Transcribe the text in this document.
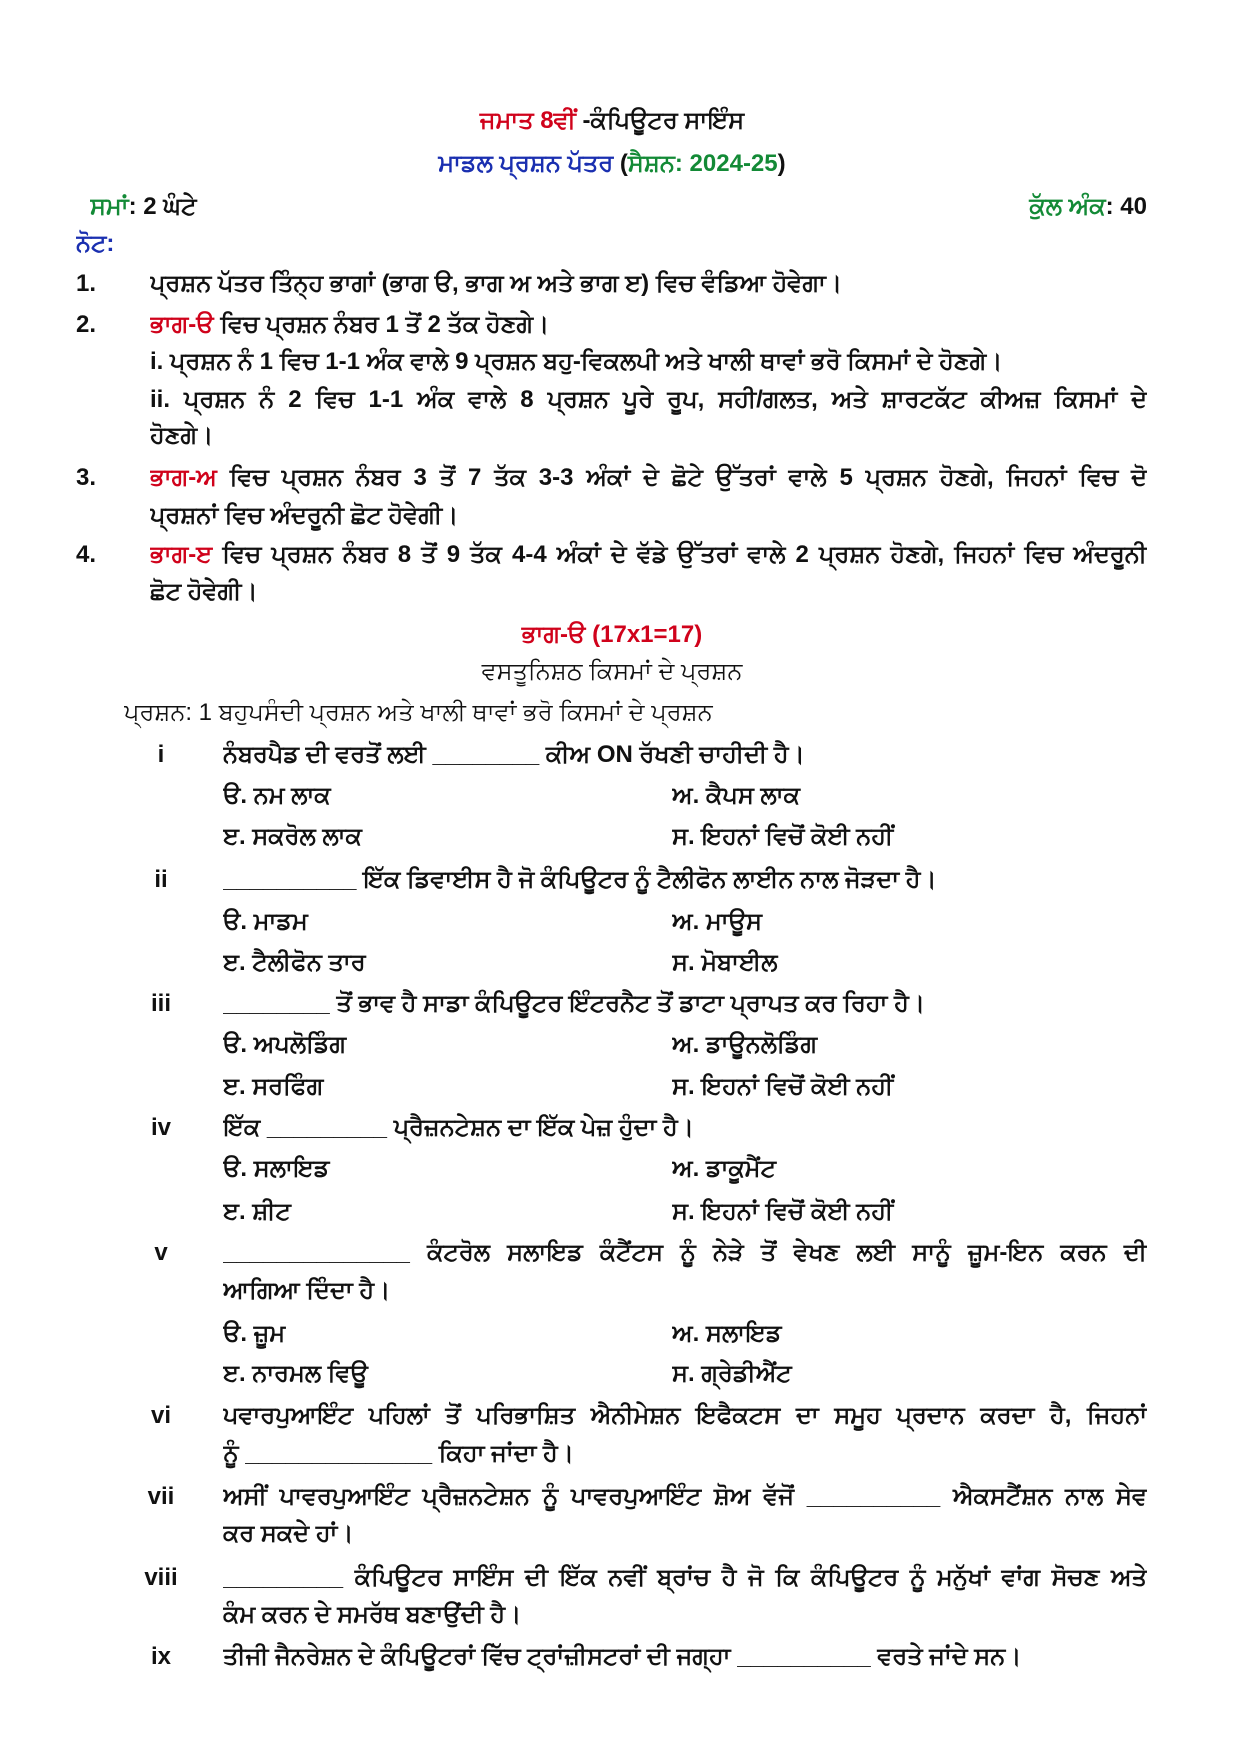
ਜਮਾਤ 8ਵੀਂ -ਕੰਪਿਊਟਰ ਸਾਇੰਸ
ਮਾਡਲ ਪ੍ਰਸ਼ਨ ਪੱਤਰ (ਸੈਸ਼ਨ: 2024-25)
ਸਮਾਂ: 2 ਘੰਟੇ	ਕੁੱਲ ਅੰਕ: 40
ਨੋਟ:
1.	ਪ੍ਰਸ਼ਨ ਪੱਤਰ ਤਿੰਨ੍ਹ ਭਾਗਾਂ (ਭਾਗ ੳ, ਭਾਗ ਅ ਅਤੇ ਭਾਗ ੲ) ਵਿਚ ਵੰਡਿਆ ਹੋਵੇਗਾ।
2.	ਭਾਗ-ੳ ਵਿਚ ਪ੍ਰਸ਼ਨ ਨੰਬਰ 1 ਤੋਂ 2 ਤੱਕ ਹੋਣਗੇ।
i. ਪ੍ਰਸ਼ਨ ਨੰ 1 ਵਿਚ 1-1 ਅੰਕ ਵਾਲੇ 9 ਪ੍ਰਸ਼ਨ ਬਹੁ-ਵਿਕਲਪੀ ਅਤੇ ਖਾਲੀ ਥਾਵਾਂ ਭਰੋ ਕਿਸਮਾਂ ਦੇ ਹੋਣਗੇ।
ii. ਪ੍ਰਸ਼ਨ ਨੰ 2 ਵਿਚ 1-1 ਅੰਕ ਵਾਲੇ 8 ਪ੍ਰਸ਼ਨ ਪੂਰੇ ਰੂਪ, ਸਹੀ/ਗਲਤ, ਅਤੇ ਸ਼ਾਰਟਕੱਟ ਕੀਅਜ਼ ਕਿਸਮਾਂ ਦੇ
ਹੋਣਗੇ।
3.	ਭਾਗ-ਅ ਵਿਚ ਪ੍ਰਸ਼ਨ ਨੰਬਰ 3 ਤੋਂ 7 ਤੱਕ 3-3 ਅੰਕਾਂ ਦੇ ਛੋਟੇ ਉੱਤਰਾਂ ਵਾਲੇ 5 ਪ੍ਰਸ਼ਨ ਹੋਣਗੇ, ਜਿਹਨਾਂ ਵਿਚ ਦੋ
ਪ੍ਰਸ਼ਨਾਂ ਵਿਚ ਅੰਦਰੂਨੀ ਛੋਟ ਹੋਵੇਗੀ।
4.	ਭਾਗ-ੲ ਵਿਚ ਪ੍ਰਸ਼ਨ ਨੰਬਰ 8 ਤੋਂ 9 ਤੱਕ 4-4 ਅੰਕਾਂ ਦੇ ਵੱਡੇ ਉੱਤਰਾਂ ਵਾਲੇ 2 ਪ੍ਰਸ਼ਨ ਹੋਣਗੇ, ਜਿਹਨਾਂ ਵਿਚ ਅੰਦਰੂਨੀ
ਛੋਟ ਹੋਵੇਗੀ।
ਭਾਗ-ੳ (17x1=17)
ਵਸਤੂਨਿਸ਼ਠ ਕਿਸਮਾਂ ਦੇ ਪ੍ਰਸ਼ਨ
ਪ੍ਰਸ਼ਨ: 1 ਬਹੁਪਸੰਦੀ ਪ੍ਰਸ਼ਨ ਅਤੇ ਖਾਲੀ ਥਾਵਾਂ ਭਰੋ ਕਿਸਮਾਂ ਦੇ ਪ੍ਰਸ਼ਨ
i	ਨੰਬਰਪੈਡ ਦੀ ਵਰਤੋਂ ਲਈ ________ ਕੀਅ ON ਰੱਖਣੀ ਚਾਹੀਦੀ ਹੈ।
ੳ. ਨਮ ਲਾਕ	ਅ. ਕੈਪਸ ਲਾਕ
ੲ. ਸਕਰੋਲ ਲਾਕ	ਸ. ਇਹਨਾਂ ਵਿਚੋਂ ਕੋਈ ਨਹੀਂ
ii	__________ ਇੱਕ ਡਿਵਾਈਸ ਹੈ ਜੋ ਕੰਪਿਊਟਰ ਨੂੰ ਟੈਲੀਫੋਨ ਲਾਈਨ ਨਾਲ ਜੋੜਦਾ ਹੈ।
ੳ. ਮਾਡਮ	ਅ. ਮਾਊਸ
ੲ. ਟੈਲੀਫੋਨ ਤਾਰ	ਸ. ਮੋਬਾਈਲ
iii	________ ਤੋਂ ਭਾਵ ਹੈ ਸਾਡਾ ਕੰਪਿਊਟਰ ਇੰਟਰਨੈਟ ਤੋਂ ਡਾਟਾ ਪ੍ਰਾਪਤ ਕਰ ਰਿਹਾ ਹੈ।
ੳ. ਅਪਲੋਡਿੰਗ	ਅ. ਡਾਊਨਲੋਡਿੰਗ
ੲ. ਸਰਫਿੰਗ	ਸ. ਇਹਨਾਂ ਵਿਚੋਂ ਕੋਈ ਨਹੀਂ
iv	ਇੱਕ _________ ਪ੍ਰੈਜ਼ਨਟੇਸ਼ਨ ਦਾ ਇੱਕ ਪੇਜ਼ ਹੁੰਦਾ ਹੈ।
ੳ. ਸਲਾਇਡ	ਅ. ਡਾਕੂਮੈਂਟ
ੲ. ਸ਼ੀਟ	ਸ. ਇਹਨਾਂ ਵਿਚੋਂ ਕੋਈ ਨਹੀਂ
v	______________ ਕੰਟਰੋਲ ਸਲਾਇਡ ਕੰਟੈਂਟਸ ਨੂੰ ਨੇੜੇ ਤੋਂ ਵੇਖਣ ਲਈ ਸਾਨੂੰ ਜ਼ੂਮ-ਇਨ ਕਰਨ ਦੀ
ਆਗਿਆ ਦਿੰਦਾ ਹੈ।
ੳ. ਜ਼ੂਮ	ਅ. ਸਲਾਇਡ
ੲ. ਨਾਰਮਲ ਵਿਊ	ਸ. ਗ੍ਰੇਡੀਐਂਟ
vi	ਪਵਾਰਪੁਆਇੰਟ ਪਹਿਲਾਂ ਤੋਂ ਪਰਿਭਾਸ਼ਿਤ ਐਨੀਮੇਸ਼ਨ ਇਫੈਕਟਸ ਦਾ ਸਮੂਹ ਪ੍ਰਦਾਨ ਕਰਦਾ ਹੈ, ਜਿਹਨਾਂ
ਨੂੰ ______________ ਕਿਹਾ ਜਾਂਦਾ ਹੈ।
vii	ਅਸੀਂ ਪਾਵਰਪੁਆਇੰਟ ਪ੍ਰੈਜ਼ਨਟੇਸ਼ਨ ਨੂੰ ਪਾਵਰਪੁਆਇੰਟ ਸ਼ੋਅ ਵੱਜੋਂ __________ ਐਕਸਟੈਂਸ਼ਨ ਨਾਲ ਸੇਵ
ਕਰ ਸਕਦੇ ਹਾਂ।
viii	_________ ਕੰਪਿਊਟਰ ਸਾਇੰਸ ਦੀ ਇੱਕ ਨਵੀਂ ਬ੍ਰਾਂਚ ਹੈ ਜੋ ਕਿ ਕੰਪਿਊਟਰ ਨੂੰ ਮਨੁੱਖਾਂ ਵਾਂਗ ਸੋਚਣ ਅਤੇ
ਕੰਮ ਕਰਨ ਦੇ ਸਮਰੱਥ ਬਣਾਉਂਦੀ ਹੈ।
ix	ਤੀਜੀ ਜੈਨਰੇਸ਼ਨ ਦੇ ਕੰਪਿਊਟਰਾਂ ਵਿੱਚ ਟ੍ਰਾਂਜ਼ੀਸਟਰਾਂ ਦੀ ਜਗ੍ਹਾ __________ ਵਰਤੇ ਜਾਂਦੇ ਸਨ।
